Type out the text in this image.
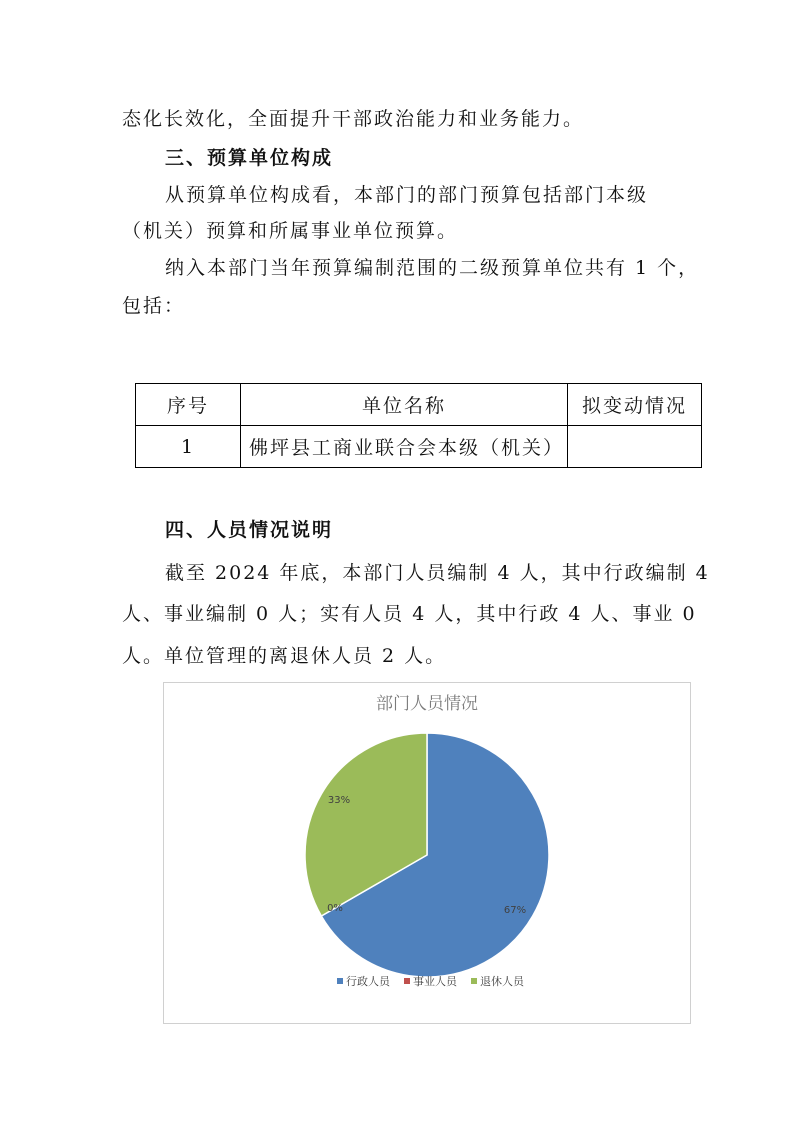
态化长效化，全面提升干部政治能力和业务能力。
三、预算单位构成
从预算单位构成看，本部门的部门预算包括部门本级
（机关）预算和所属事业单位预算。
纳入本部门当年预算编制范围的二级预算单位共有 1 个，
包括：
序号	单位名称	拟变动情况
1	佛坪县工商业联合会本级（机关）	
四、人员情况说明
截至 2024 年底，本部门人员编制 4 人，其中行政编制 4
人、事业编制 0 人；实有人员 4 人，其中行政 4 人、事业 0
人。单位管理的离退休人员 2 人。
部门人员情况
67%
0%
33%
行政人员 事业人员 退休人员
